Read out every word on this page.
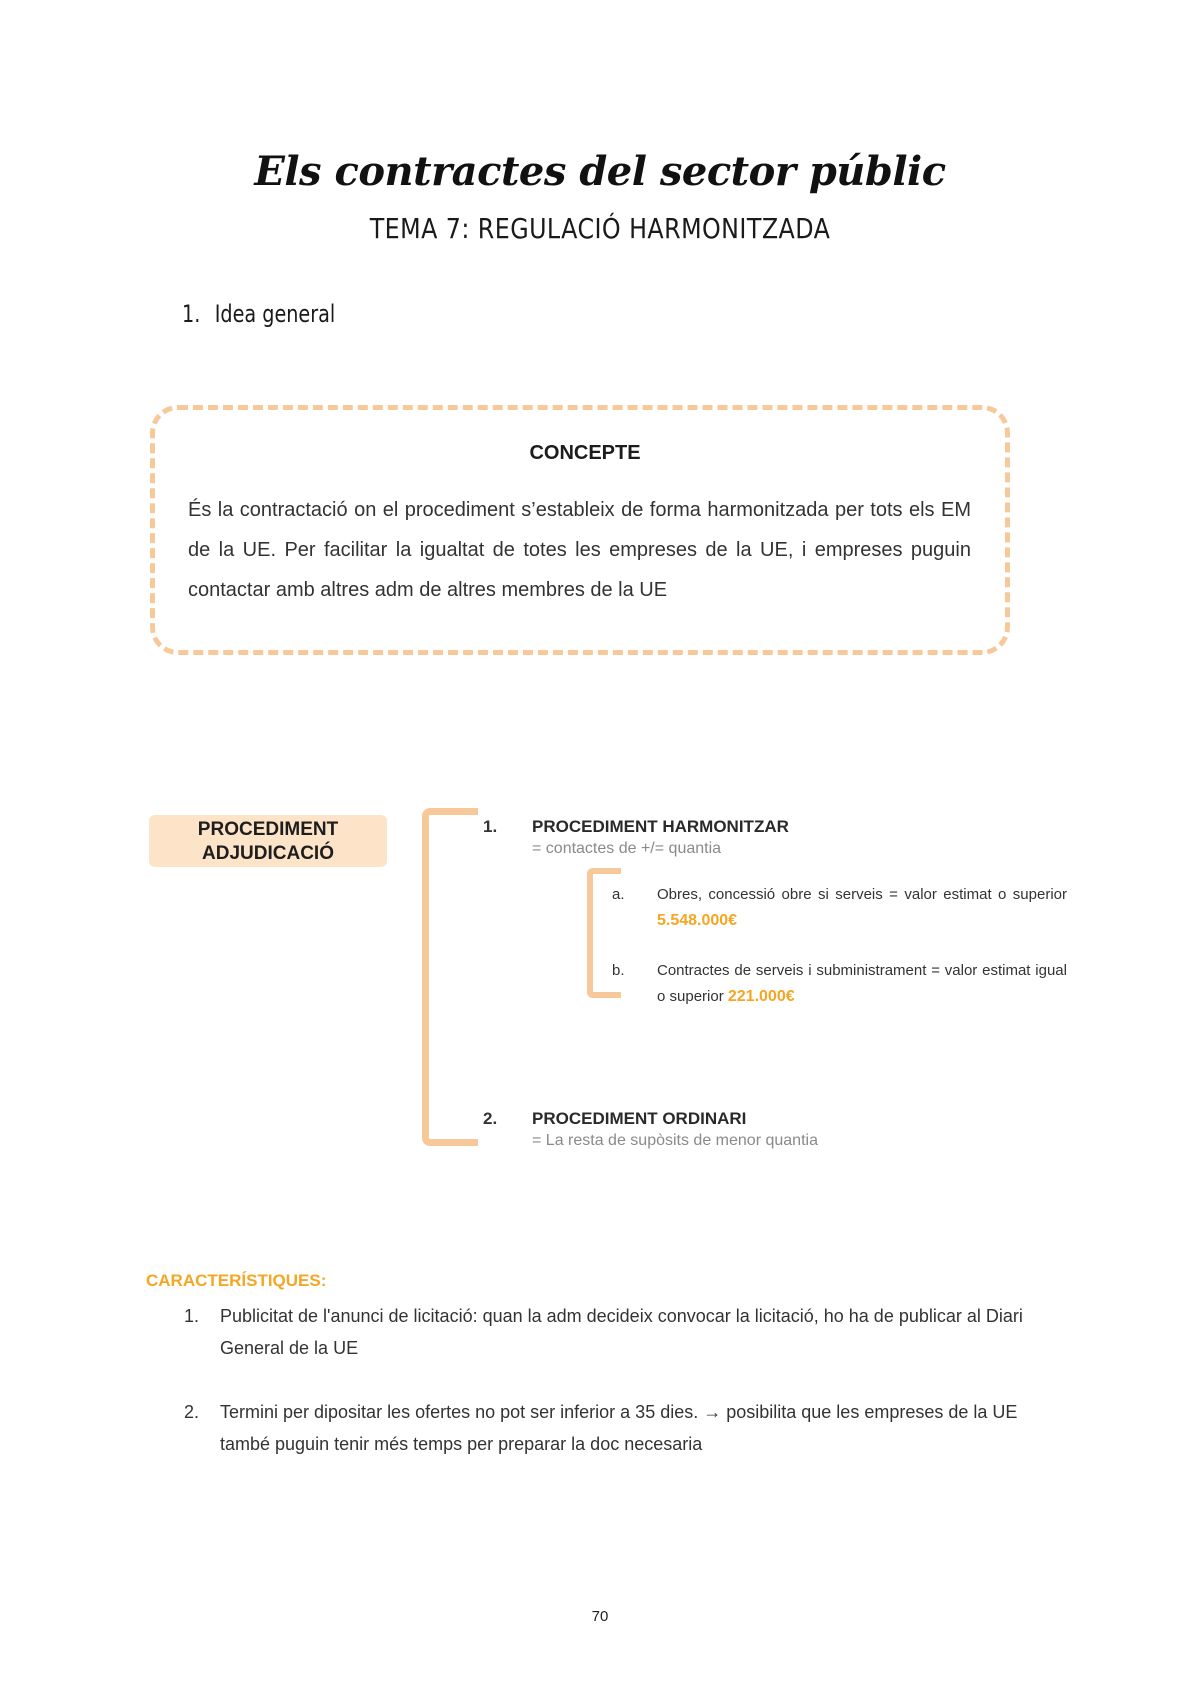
Els contractes del sector públic
TEMA 7: REGULACIÓ HARMONITZADA
1. Idea general
CONCEPTE
És la contractació on el procediment s’estableix de forma harmonitzada per tots els EM de la UE. Per facilitar la igualtat de totes les empreses de la UE, i empreses puguin contactar amb altres adm de altres membres de la UE
PROCEDIMENT
ADJUDICACIÓ
1. PROCEDIMENT HARMONITZAR
= contactes de +/= quantia
a. Obres, concessió obre si serveis = valor estimat o superior 5.548.000€
b. Contractes de serveis i subministrament = valor estimat igual o superior 221.000€
2. PROCEDIMENT ORDINARI
= La resta de supòsits de menor quantia
CARACTERÍSTIQUES:
1. Publicitat de l'anunci de licitació: quan la adm decideix convocar la licitació, ho ha de publicar al Diari General de la UE
2. Termini per dipositar les ofertes no pot ser inferior a 35 dies. → posibilita que les empreses de la UE també puguin tenir més temps per preparar la doc necesaria
70
